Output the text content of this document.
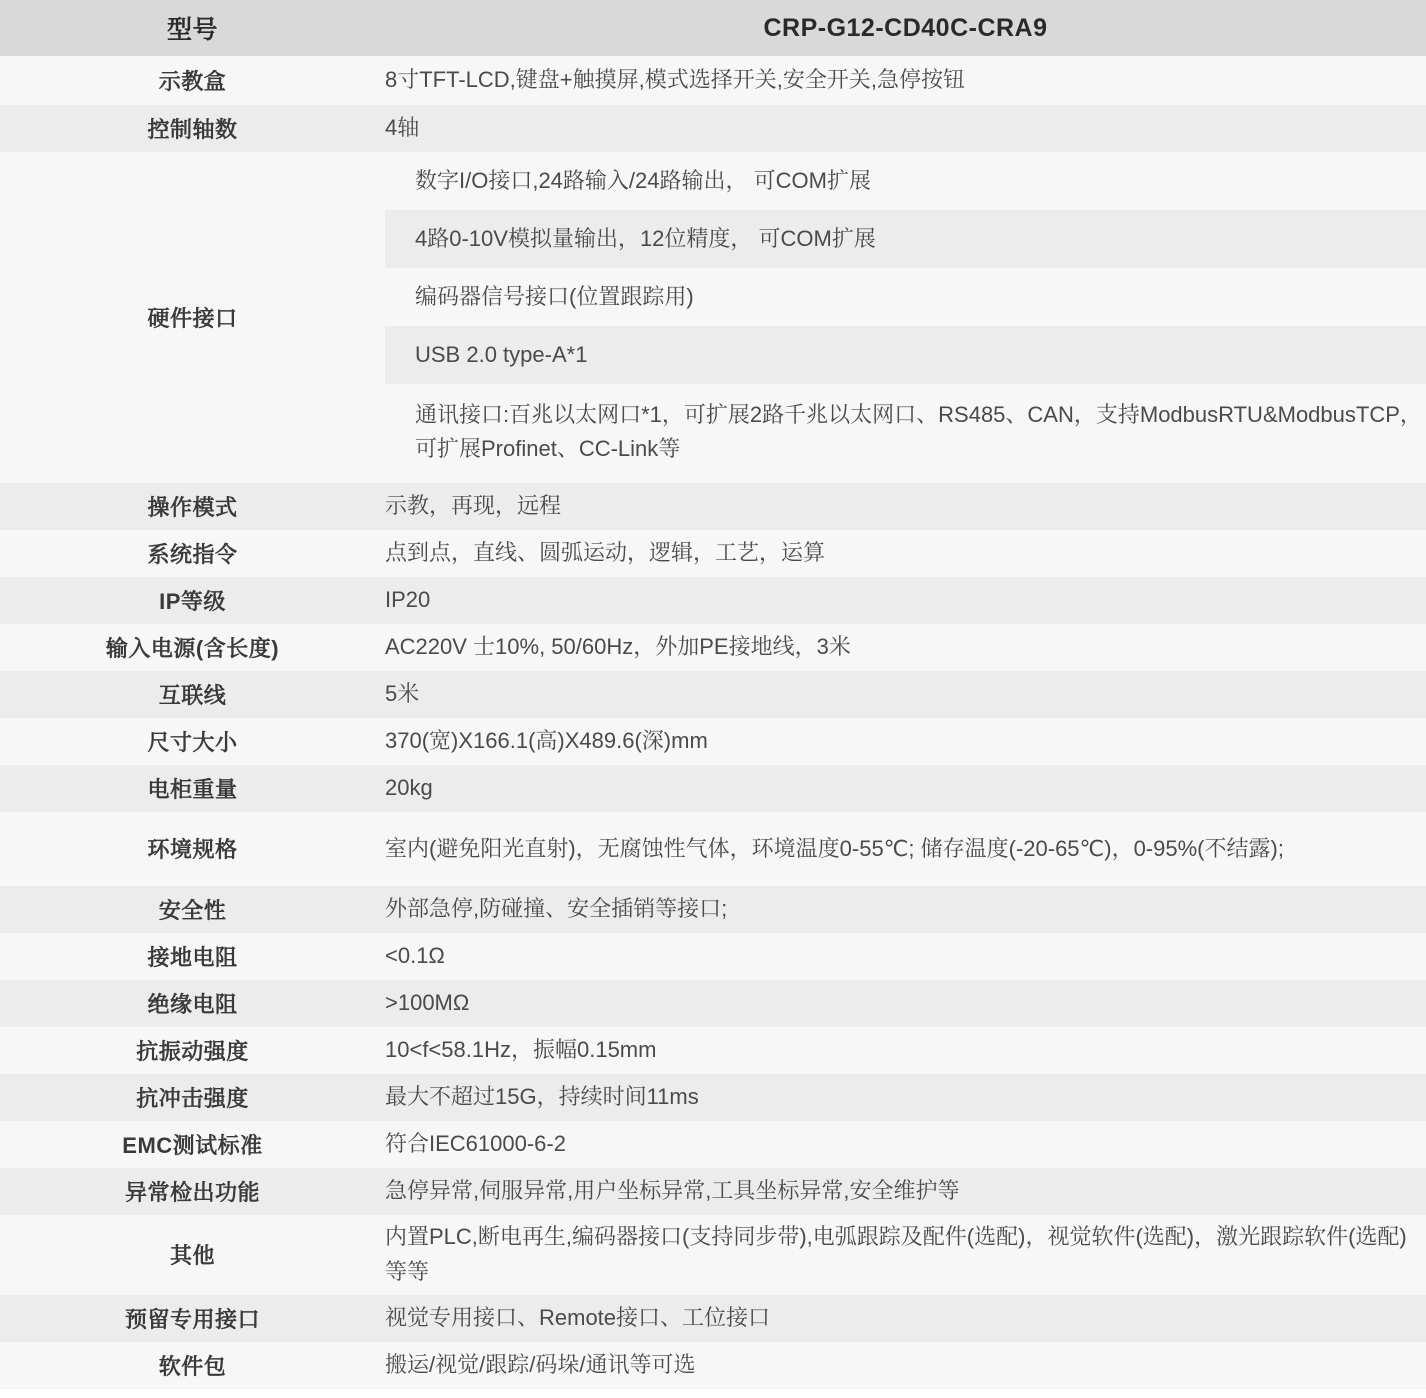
型号	CRP-G12-CD40C-CRA9
示教盒	8寸TFT-LCD,键盘+触摸屏,模式选择开关,安全开关,急停按钮
控制轴数	4轴
硬件接口	数字I/O接口,24路输入/24路输出， 可COM扩展
4路0-10V模拟量输出，12位精度， 可COM扩展
编码器信号接口(位置跟踪用)
USB 2.0 type-A*1
通讯接口:百兆以太网口*1，可扩展2路千兆以太网口、RS485、CAN，支持ModbusRTU&ModbusTCP，可扩展Profinet、CC-Link等

操作模式	示教，再现，远程
系统指令	点到点，直线、圆弧运动，逻辑，工艺，运算
IP等级	IP20
输入电源(含长度)	AC220V 士10%, 50/60Hz，外加PE接地线，3米
互联线	5米
尺寸大小	370(宽)X166.1(高)X489.6(深)mm
电柜重量	20kg
环境规格	室内(避免阳光直射)，无腐蚀性气体，环境温度0-55℃; 储存温度(-20-65℃)，0-95%(不结露);
安全性	外部急停,防碰撞、安全插销等接口;
接地电阻	<0.1Ω
绝缘电阻	>100MΩ
抗振动强度	10<f<58.1Hz，振幅0.15mm
抗冲击强度	最大不超过15G，持续时间11ms
EMC测试标准	符合IEC61000-6-2
异常检出功能	急停异常,伺服异常,用户坐标异常,工具坐标异常,安全维护等
其他	内置PLC,断电再生,编码器接口(支持同步带),电弧跟踪及配件(选配)，视觉软件(选配)，激光跟踪软件(选配)等等
预留专用接口	视觉专用接口、Remote接口、工位接口
软件包	搬运/视觉/跟踪/码垛/通讯等可选
